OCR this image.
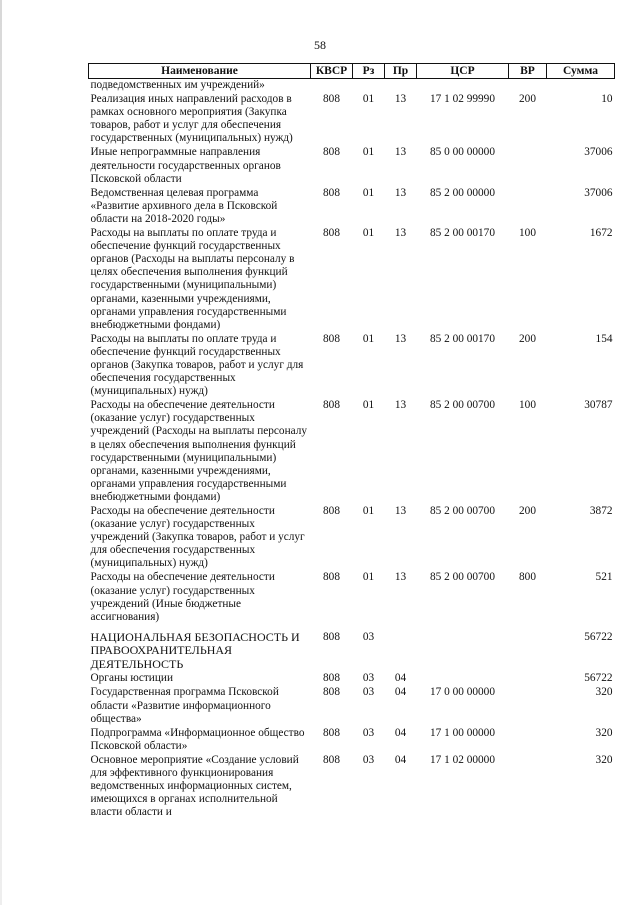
58
Наименование	КВСР	Рз	Пр	ЦСР	ВР	Сумма
подведомственных им учреждений»						
Реализация иных направлений расходов в рамках основного мероприятия (Закупка товаров, работ и услуг для обеспечения государственных (муниципальных) нужд)	808	01	13	17 1 02 99990	200	10
Иные непрограммные направления деятельности государственных органов Псковской области	808	01	13	85 0 00 00000		37006
Ведомственная целевая программа «Развитие архивного дела в Псковской области на 2018-2020 годы»	808	01	13	85 2 00 00000		37006
Расходы на выплаты по оплате труда и обеспечение функций государственных органов (Расходы на выплаты персоналу в целях обеспечения выполнения функций государственными (муниципальными) органами, казенными учреждениями, органами управления государственными внебюджетными фондами)	808	01	13	85 2 00 00170	100	1672
Расходы на выплаты по оплате труда и обеспечение функций государственных органов (Закупка товаров, работ и услуг для обеспечения государственных (муниципальных) нужд)	808	01	13	85 2 00 00170	200	154
Расходы на обеспечение деятельности (оказание услуг) государственных учреждений (Расходы на выплаты персоналу в целях обеспечения выполнения функций государственными (муниципальными) органами, казенными учреждениями, органами управления государственными внебюджетными фондами)	808	01	13	85 2 00 00700	100	30787
Расходы на обеспечение деятельности (оказание услуг) государственных учреждений (Закупка товаров, работ и услуг для обеспечения государственных (муниципальных) нужд)	808	01	13	85 2 00 00700	200	3872
Расходы на обеспечение деятельности (оказание услуг) государственных учреждений (Иные бюджетные ассигнования)	808	01	13	85 2 00 00700	800	521
НАЦИОНАЛЬНАЯ БЕЗОПАСНОСТЬ И ПРАВООХРАНИТЕЛЬНАЯ ДЕЯТЕЛЬНОСТЬ	808	03				56722
Органы юстиции	808	03	04			56722
Государственная программа Псковской области «Развитие информационного общества»	808	03	04	17 0 00 00000		320
Подпрограмма «Информационное общество Псковской области»	808	03	04	17 1 00 00000		320
Основное мероприятие «Создание условий для эффективного функционирования ведомственных информационных систем, имеющихся в органах исполнительной власти области и	808	03	04	17 1 02 00000		320
